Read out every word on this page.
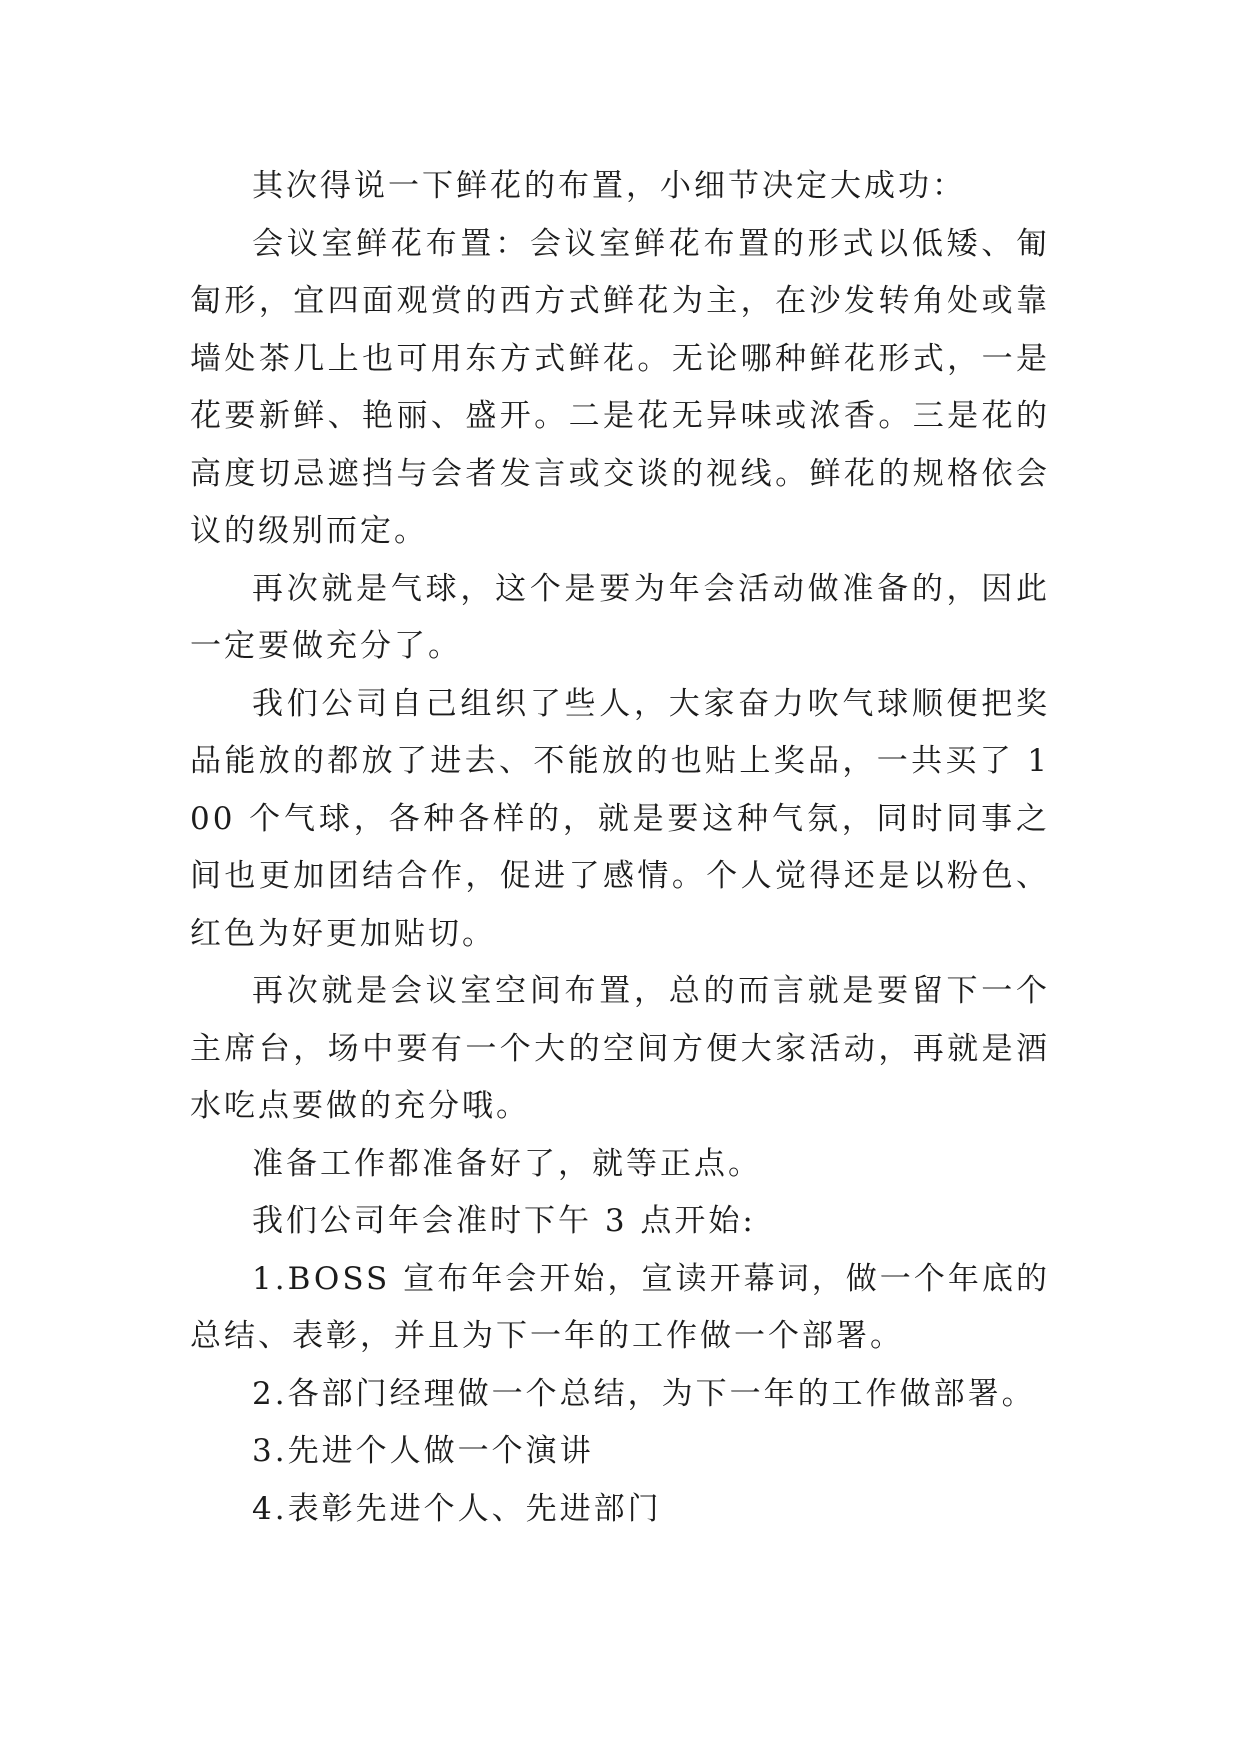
其次得说一下鲜花的布置，小细节决定大成功：

会议室鲜花布置：会议室鲜花布置的形式以低矮、匍匐形，宜四面观赏的西方式鲜花为主，在沙发转角处或靠墙处茶几上也可用东方式鲜花。无论哪种鲜花形式，一是花要新鲜、艳丽、盛开。二是花无异味或浓香。三是花的高度切忌遮挡与会者发言或交谈的视线。鲜花的规格依会议的级别而定。

再次就是气球，这个是要为年会活动做准备的，因此一定要做充分了。

我们公司自己组织了些人，大家奋力吹气球顺便把奖品能放的都放了进去、不能放的也贴上奖品，一共买了 100 个气球，各种各样的，就是要这种气氛，同时同事之间也更加团结合作，促进了感情。个人觉得还是以粉色、红色为好更加贴切。

再次就是会议室空间布置，总的而言就是要留下一个主席台，场中要有一个大的空间方便大家活动，再就是酒水吃点要做的充分哦。

准备工作都准备好了，就等正点。

我们公司年会准时下午 3 点开始:

1.BOSS 宣布年会开始，宣读开幕词，做一个年底的总结、表彰，并且为下一年的工作做一个部署。

2.各部门经理做一个总结，为下一年的工作做部署。

3.先进个人做一个演讲

4.表彰先进个人、先进部门
